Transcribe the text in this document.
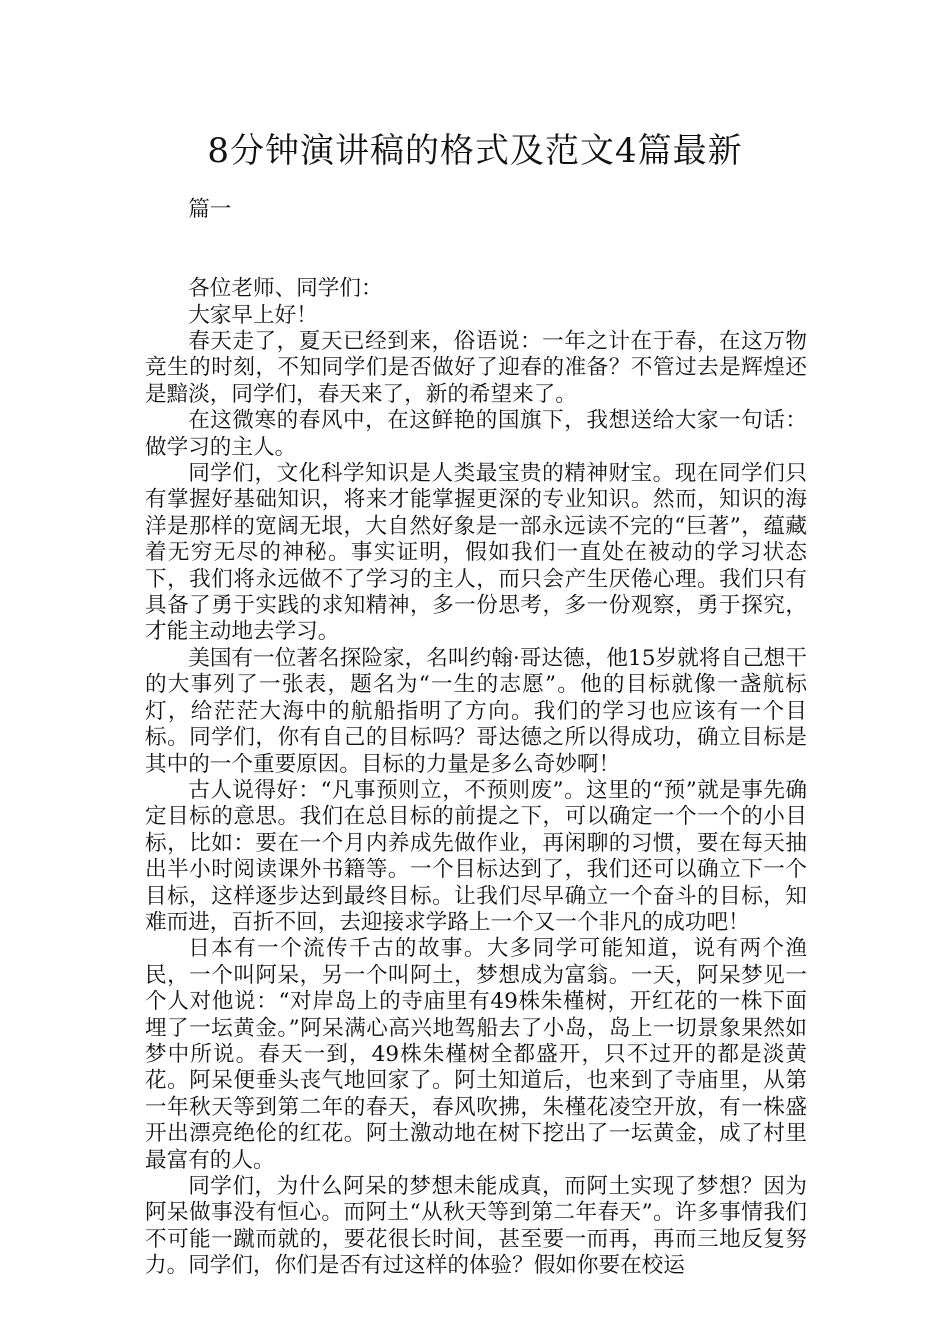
8分钟演讲稿的格式及范文4篇最新

篇一

各位老师、同学们：

大家早上好！

春天走了，夏天已经到来，俗语说：一年之计在于春，在这万物竞生的时刻，不知同学们是否做好了迎春的准备？不管过去是辉煌还是黯淡，同学们，春天来了，新的希望来了。

在这微寒的春风中，在这鲜艳的国旗下，我想送给大家一句话：做学习的主人。

同学们，文化科学知识是人类最宝贵的精神财宝。现在同学们只有掌握好基础知识，将来才能掌握更深的专业知识。然而，知识的海洋是那样的宽阔无垠，大自然好象是一部永远读不完的“巨著”，蕴藏着无穷无尽的神秘。事实证明，假如我们一直处在被动的学习状态下，我们将永远做不了学习的主人，而只会产生厌倦心理。我们只有具备了勇于实践的求知精神，多一份思考，多一份观察，勇于探究，才能主动地去学习。

美国有一位著名探险家，名叫约翰·哥达德，他15岁就将自己想干的大事列了一张表，题名为“一生的志愿”。他的目标就像一盏航标灯，给茫茫大海中的航船指明了方向。我们的学习也应该有一个目标。同学们，你有自己的目标吗？哥达德之所以得成功，确立目标是其中的一个重要原因。目标的力量是多么奇妙啊！

古人说得好：“凡事预则立，不预则废”。这里的“预”就是事先确定目标的意思。我们在总目标的前提之下，可以确定一个一个的小目标，比如：要在一个月内养成先做作业，再闲聊的习惯，要在每天抽出半小时阅读课外书籍等。一个目标达到了，我们还可以确立下一个目标，这样逐步达到最终目标。让我们尽早确立一个奋斗的目标，知难而进，百折不回，去迎接求学路上一个又一个非凡的成功吧！

日本有一个流传千古的故事。大多同学可能知道，说有两个渔民，一个叫阿呆，另一个叫阿土，梦想成为富翁。一天，阿呆梦见一个人对他说：“对岸岛上的寺庙里有49株朱槿树，开红花的一株下面埋了一坛黄金。”阿呆满心高兴地驾船去了小岛，岛上一切景象果然如梦中所说。春天一到，49株朱槿树全都盛开，只不过开的都是淡黄花。阿呆便垂头丧气地回家了。阿土知道后，也来到了寺庙里，从第一年秋天等到第二年的春天，春风吹拂，朱槿花凌空开放，有一株盛开出漂亮绝伦的红花。阿土激动地在树下挖出了一坛黄金，成了村里最富有的人。

同学们，为什么阿呆的梦想未能成真，而阿土实现了梦想？因为阿呆做事没有恒心。而阿土“从秋天等到第二年春天”。许多事情我们不可能一蹴而就的，要花很长时间，甚至要一而再，再而三地反复努力。同学们，你们是否有过这样的体验？假如你要在校运
